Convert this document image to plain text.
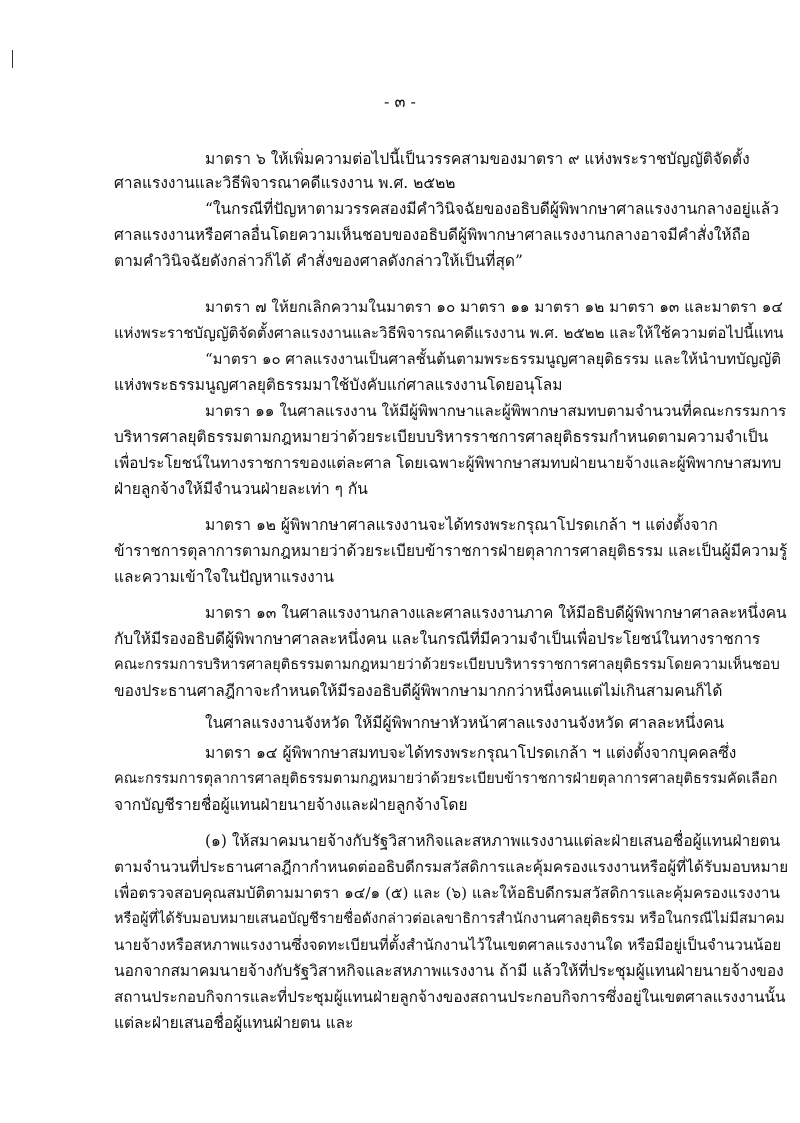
- ๓ -
มาตรา ๖ ให้เพิ่มความต่อไปนี้เป็นวรรคสามของมาตรา ๙ แห่งพระราชบัญญัติจัดตั้ง
ศาลแรงงานและวิธีพิจารณาคดีแรงงาน พ.ศ. ๒๕๒๒
“ในกรณีที่ปัญหาตามวรรคสองมีคำวินิจฉัยของอธิบดีผู้พิพากษาศาลแรงงานกลางอยู่แล้ว
ศาลแรงงานหรือศาลอื่นโดยความเห็นชอบของอธิบดีผู้พิพากษาศาลแรงงานกลางอาจมีคำสั่งให้ถือ
ตามคำวินิจฉัยดังกล่าวก็ได้ คำสั่งของศาลดังกล่าวให้เป็นที่สุด”
มาตรา ๗ ให้ยกเลิกความในมาตรา ๑๐ มาตรา ๑๑ มาตรา ๑๒ มาตรา ๑๓ และมาตรา ๑๔
แห่งพระราชบัญญัติจัดตั้งศาลแรงงานและวิธีพิจารณาคดีแรงงาน พ.ศ. ๒๕๒๒ และให้ใช้ความต่อไปนี้แทน
“มาตรา ๑๐ ศาลแรงงานเป็นศาลชั้นต้นตามพระธรรมนูญศาลยุติธรรม และให้นำบทบัญญัติ
แห่งพระธรรมนูญศาลยุติธรรมมาใช้บังคับแก่ศาลแรงงานโดยอนุโลม
มาตรา ๑๑ ในศาลแรงงาน ให้มีผู้พิพากษาและผู้พิพากษาสมทบตามจำนวนที่คณะกรรมการ
บริหารศาลยุติธรรมตามกฎหมายว่าด้วยระเบียบบริหารราชการศาลยุติธรรมกำหนดตามความจำเป็น
เพื่อประโยชน์ในทางราชการของแต่ละศาล โดยเฉพาะผู้พิพากษาสมทบฝ่ายนายจ้างและผู้พิพากษาสมทบ
ฝ่ายลูกจ้างให้มีจำนวนฝ่ายละเท่า ๆ กัน
มาตรา ๑๒ ผู้พิพากษาศาลแรงงานจะได้ทรงพระกรุณาโปรดเกล้า ฯ แต่งตั้งจาก
ข้าราชการตุลาการตามกฎหมายว่าด้วยระเบียบข้าราชการฝ่ายตุลาการศาลยุติธรรม และเป็นผู้มีความรู้
และความเข้าใจในปัญหาแรงงาน
มาตรา ๑๓ ในศาลแรงงานกลางและศาลแรงงานภาค ให้มีอธิบดีผู้พิพากษาศาลละหนึ่งคน
กับให้มีรองอธิบดีผู้พิพากษาศาลละหนึ่งคน และในกรณีที่มีความจำเป็นเพื่อประโยชน์ในทางราชการ
คณะกรรมการบริหารศาลยุติธรรมตามกฎหมายว่าด้วยระเบียบบริหารราชการศาลยุติธรรมโดยความเห็นชอบ
ของประธานศาลฎีกาจะกำหนดให้มีรองอธิบดีผู้พิพากษามากกว่าหนึ่งคนแต่ไม่เกินสามคนก็ได้
ในศาลแรงงานจังหวัด ให้มีผู้พิพากษาหัวหน้าศาลแรงงานจังหวัด ศาลละหนึ่งคน
มาตรา ๑๔ ผู้พิพากษาสมทบจะได้ทรงพระกรุณาโปรดเกล้า ฯ แต่งตั้งจากบุคคลซึ่ง
คณะกรรมการตุลาการศาลยุติธรรมตามกฎหมายว่าด้วยระเบียบข้าราชการฝ่ายตุลาการศาลยุติธรรมคัดเลือก
จากบัญชีรายชื่อผู้แทนฝ่ายนายจ้างและฝ่ายลูกจ้างโดย
(๑) ให้สมาคมนายจ้างกับรัฐวิสาหกิจและสหภาพแรงงานแต่ละฝ่ายเสนอชื่อผู้แทนฝ่ายตน
ตามจำนวนที่ประธานศาลฎีกากำหนดต่ออธิบดีกรมสวัสดิการและคุ้มครองแรงงานหรือผู้ที่ได้รับมอบหมาย
เพื่อตรวจสอบคุณสมบัติตามมาตรา ๑๔/๑ (๕) และ (๖) และให้อธิบดีกรมสวัสดิการและคุ้มครองแรงงาน
หรือผู้ที่ได้รับมอบหมายเสนอบัญชีรายชื่อดังกล่าวต่อเลขาธิการสำนักงานศาลยุติธรรม หรือในกรณีไม่มีสมาคม
นายจ้างหรือสหภาพแรงงานซึ่งจดทะเบียนที่ตั้งสำนักงานไว้ในเขตศาลแรงงานใด หรือมีอยู่เป็นจำนวนน้อย
นอกจากสมาคมนายจ้างกับรัฐวิสาหกิจและสหภาพแรงงาน ถ้ามี แล้วให้ที่ประชุมผู้แทนฝ่ายนายจ้างของ
สถานประกอบกิจการและที่ประชุมผู้แทนฝ่ายลูกจ้างของสถานประกอบกิจการซึ่งอยู่ในเขตศาลแรงงานนั้น
แต่ละฝ่ายเสนอชื่อผู้แทนฝ่ายตน และ
